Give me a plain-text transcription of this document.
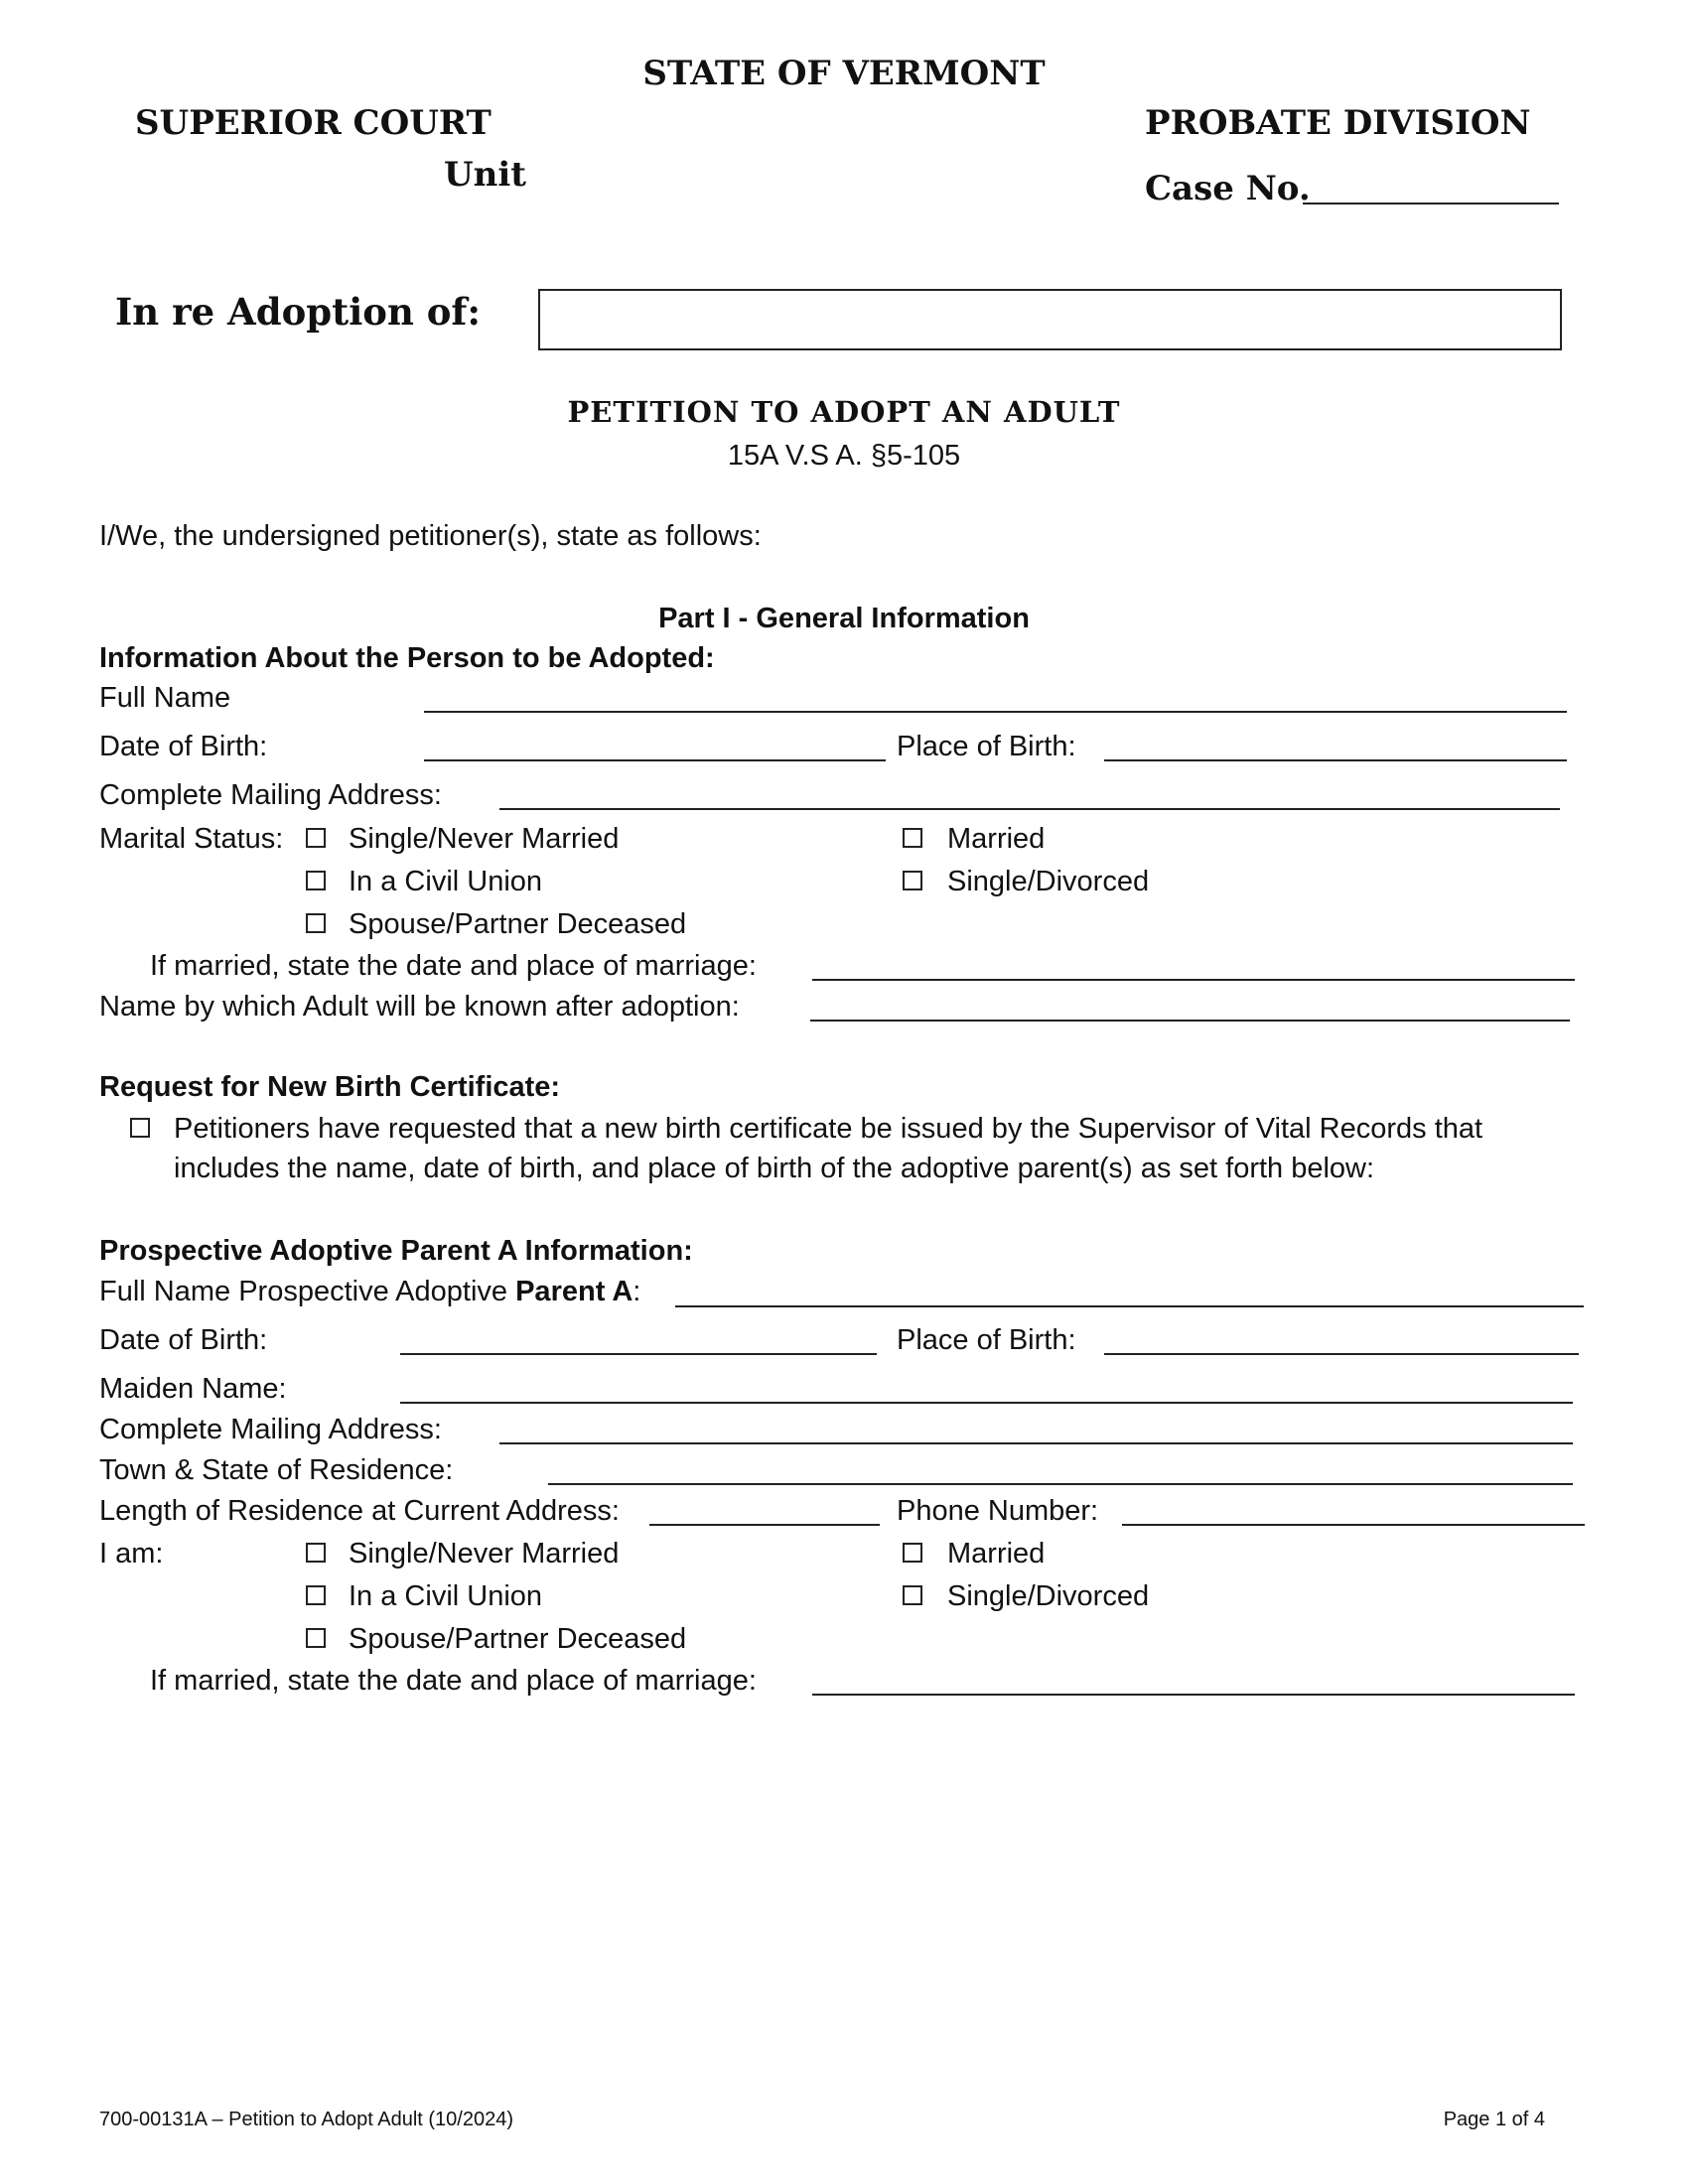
STATE OF VERMONT
SUPERIOR COURT
Unit
PROBATE DIVISION
Case No.
In re Adoption of:
PETITION TO ADOPT AN ADULT
15A V.S A. §5-105
I/We, the undersigned petitioner(s), state as follows:
Part I - General Information
Information About the Person to be Adopted:
Full Name
Date of Birth:	Place of Birth:
Complete Mailing Address:
Marital Status: Single/Never Married	Married
In a Civil Union	Single/Divorced
Spouse/Partner Deceased
If married, state the date and place of marriage:
Name by which Adult will be known after adoption:
Request for New Birth Certificate:
Petitioners have requested that a new birth certificate be issued by the Supervisor of Vital Records that
includes the name, date of birth, and place of birth of the adoptive parent(s) as set forth below:
Prospective Adoptive Parent A Information:
Full Name Prospective Adoptive Parent A:
Date of Birth:	Place of Birth:
Maiden Name:
Complete Mailing Address:
Town & State of Residence:
Length of Residence at Current Address:	Phone Number:
I am:	Single/Never Married	Married
In a Civil Union	Single/Divorced
Spouse/Partner Deceased
If married, state the date and place of marriage:
700-00131A – Petition to Adopt Adult (10/2024)	Page 1 of 4
